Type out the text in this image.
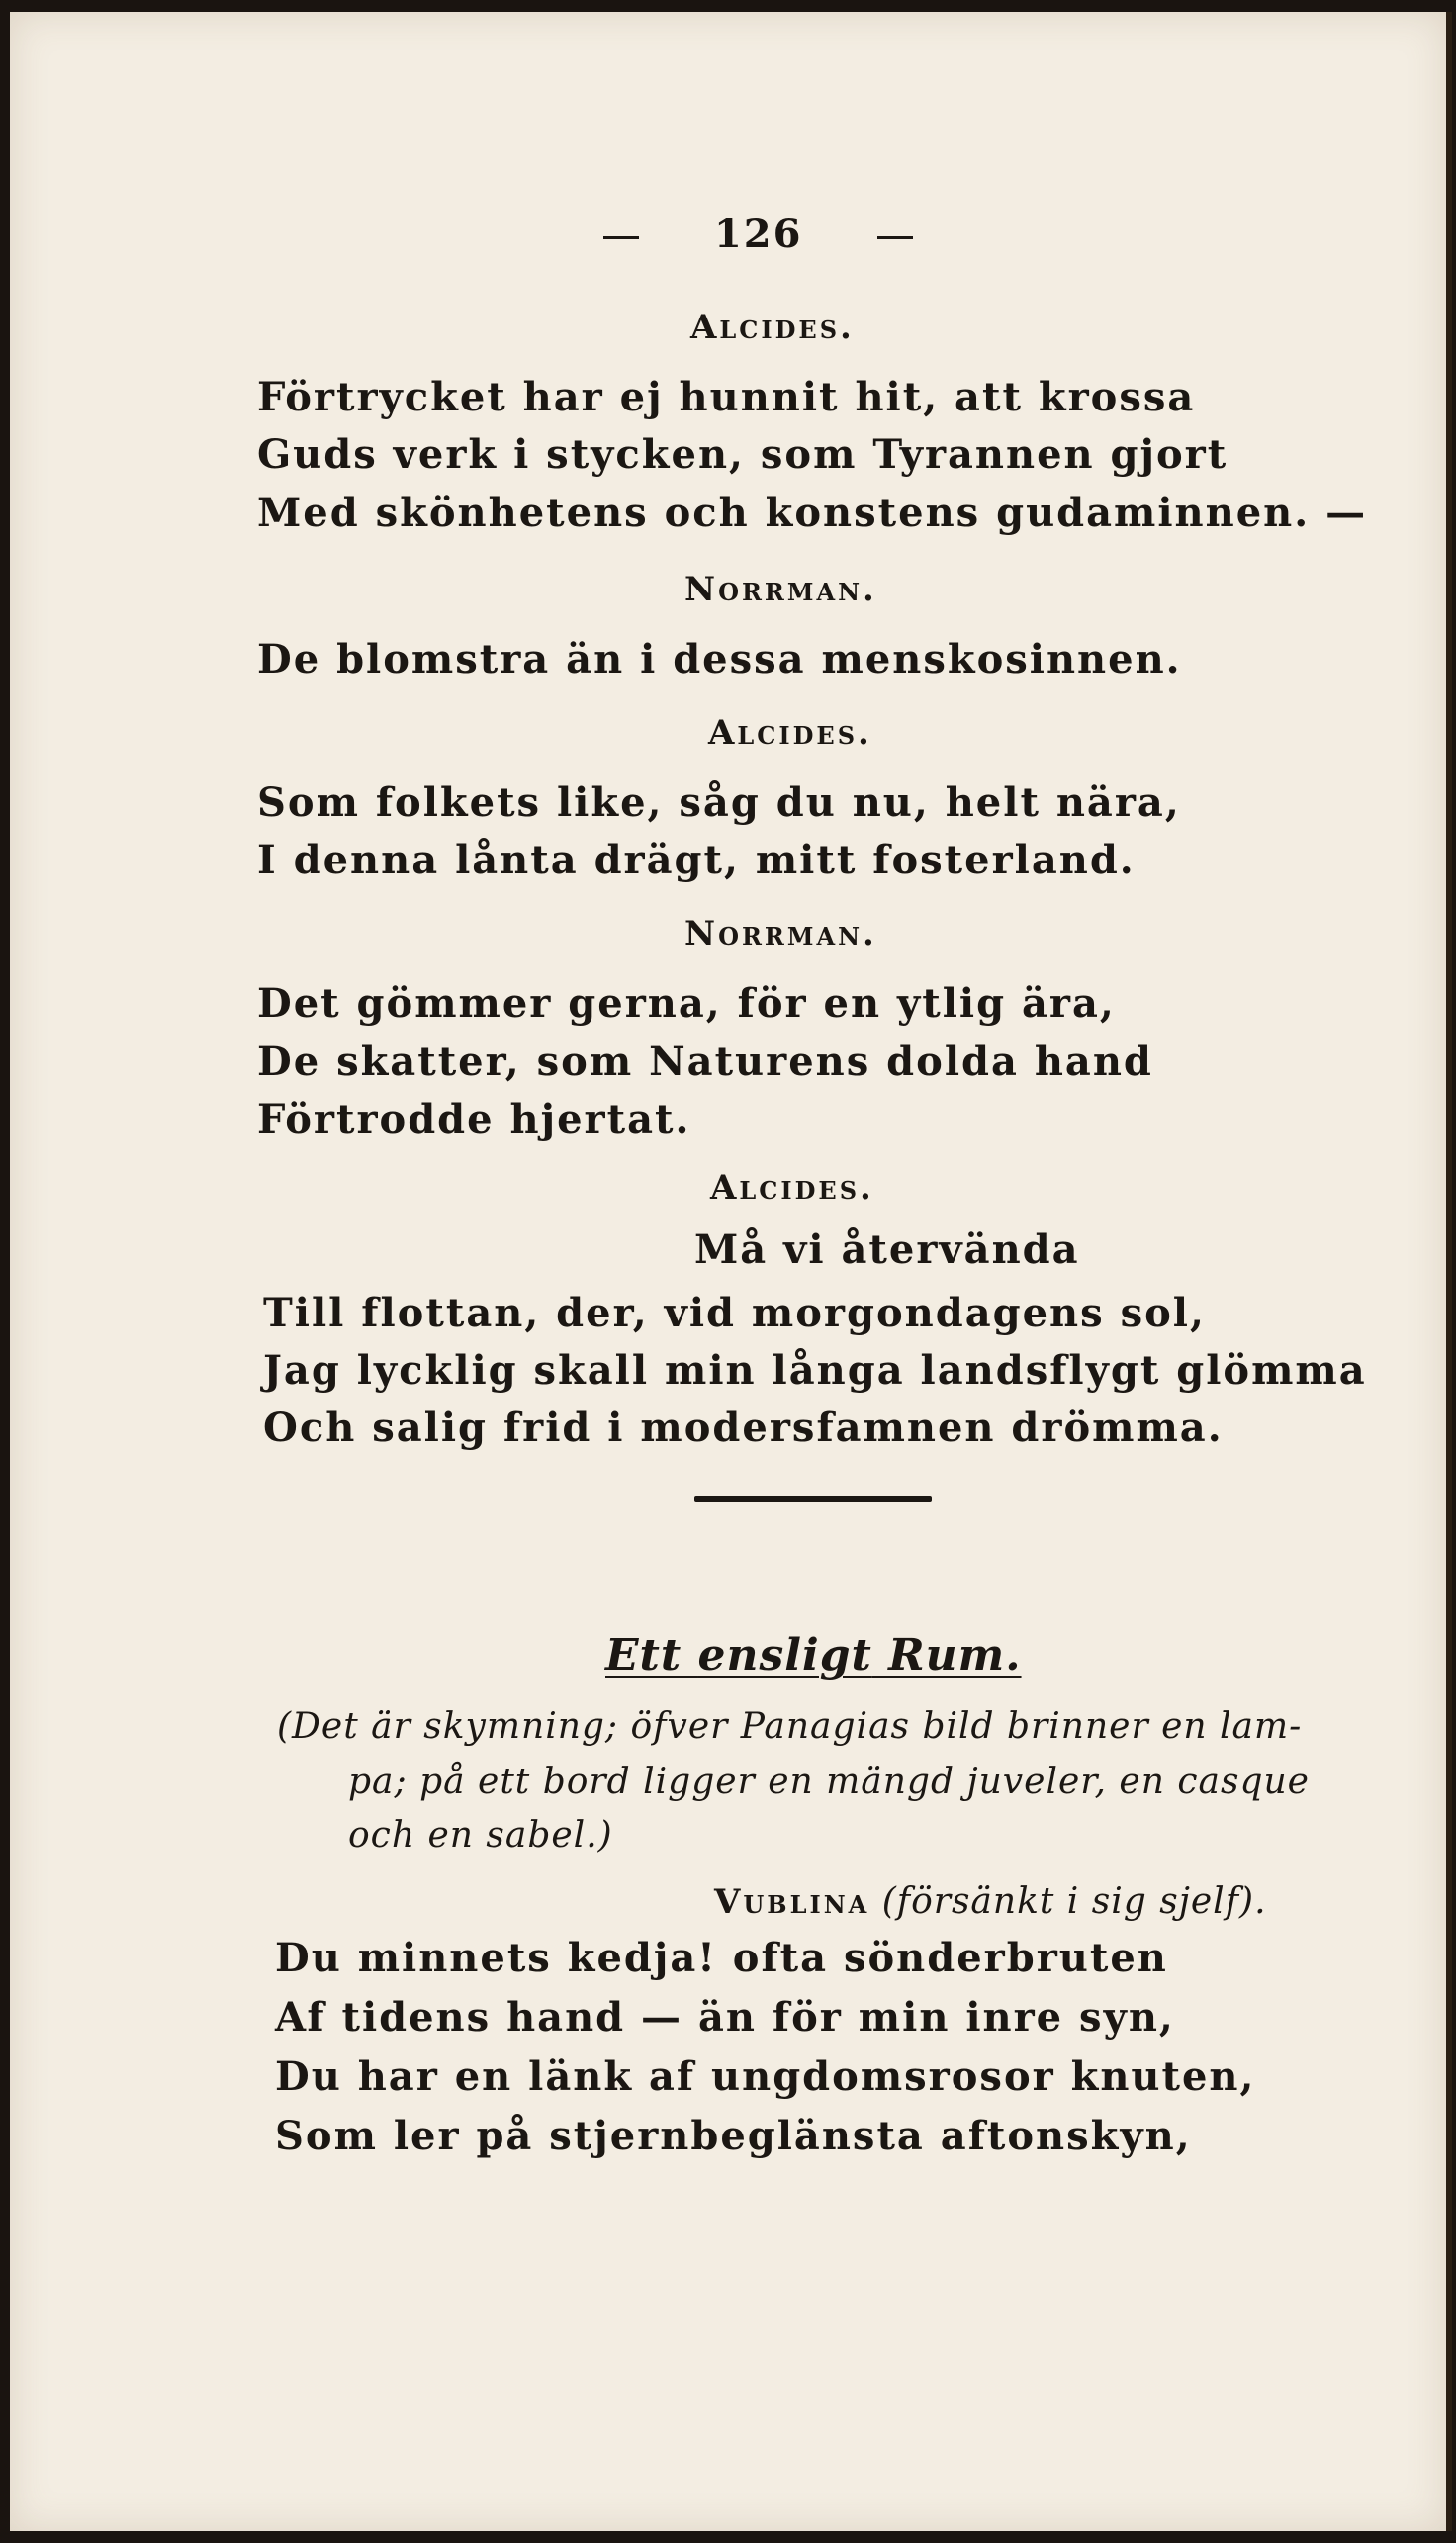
126
Alcides.
Förtrycket har ej hunnit hit, att krossa
Guds verk i stycken, som Tyrannen gjort
Med skönhetens och konstens gudaminnen. —
Norrman.
De blomstra än i dessa menskosinnen.
Alcides.
Som folkets like, såg du nu, helt nära,
I denna lånta drägt, mitt fosterland.
Norrman.
Det gömmer gerna, för en ytlig ära,
De skatter, som Naturens dolda hand
Förtrodde hjertat.
Alcides.
Må vi återvända
Till flottan, der, vid morgondagens sol,
Jag lycklig skall min långa landsflygt glömma
Och salig frid i modersfamnen drömma.
Ett ensligt Rum.
(Det är skymning; öfver Panagias bild brinner en lam-
pa; på ett bord ligger en mängd juveler, en casque
och en sabel.)
Vublina (försänkt i sig sjelf).
Du minnets kedja! ofta sönderbruten
Af tidens hand — än för min inre syn,
Du har en länk af ungdomsrosor knuten,
Som ler på stjernbeglänsta aftonskyn,
